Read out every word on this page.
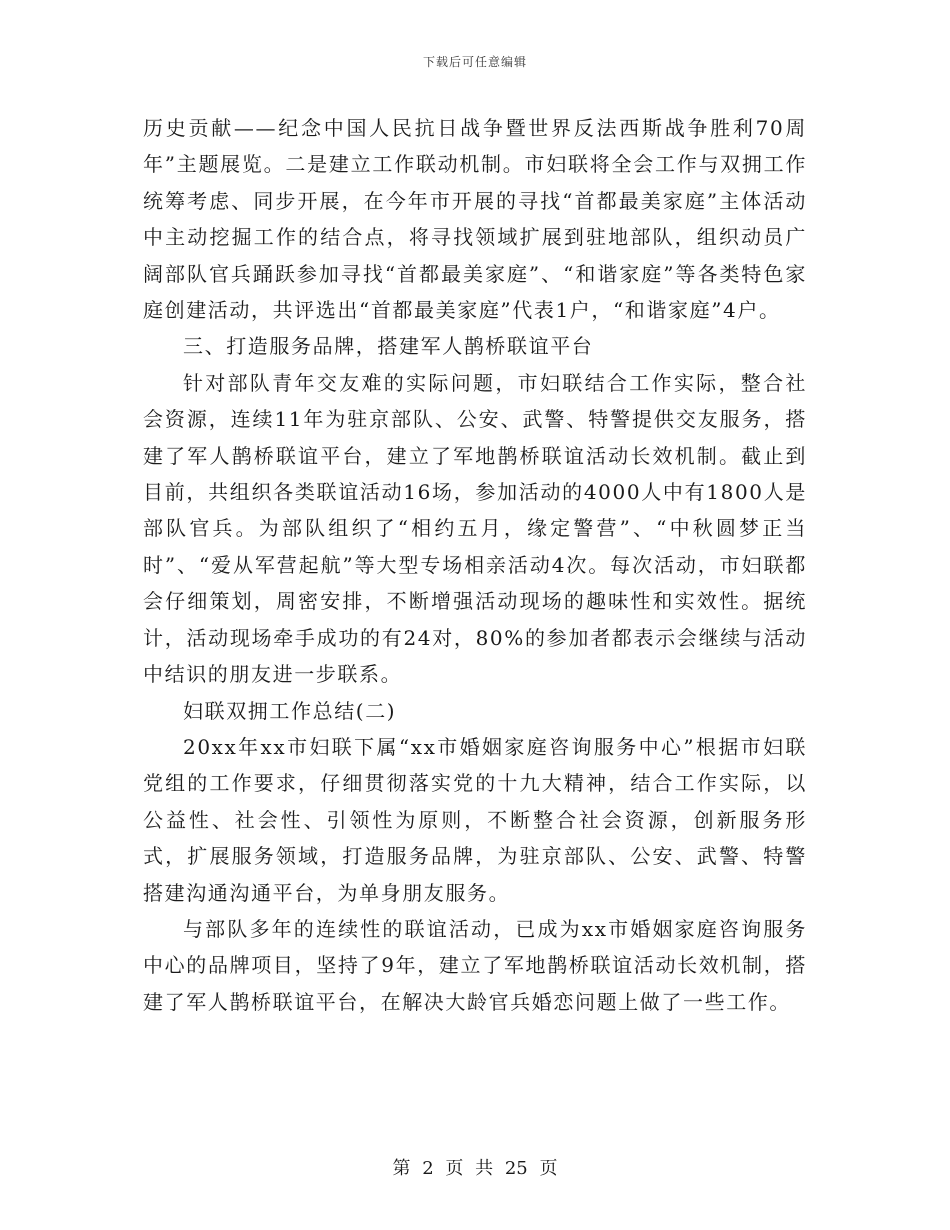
下载后可任意编辑

历史贡献——纪念中国人民抗日战争暨世界反法西斯战争胜利70周年”主题展览。二是建立工作联动机制。市妇联将全会工作与双拥工作统筹考虑、同步开展，在今年市开展的寻找“首都最美家庭”主体活动中主动挖掘工作的结合点，将寻找领域扩展到驻地部队，组织动员广阔部队官兵踊跃参加寻找“首都最美家庭”、“和谐家庭”等各类特色家庭创建活动，共评选出“首都最美家庭”代表1户，“和谐家庭”4户。

三、打造服务品牌，搭建军人鹊桥联谊平台

针对部队青年交友难的实际问题，市妇联结合工作实际，整合社会资源，连续11年为驻京部队、公安、武警、特警提供交友服务，搭建了军人鹊桥联谊平台，建立了军地鹊桥联谊活动长效机制。截止到目前，共组织各类联谊活动16场，参加活动的4000人中有1800人是部队官兵。为部队组织了“相约五月，缘定警营”、“中秋圆梦正当时”、“爱从军营起航”等大型专场相亲活动4次。每次活动，市妇联都会仔细策划，周密安排，不断增强活动现场的趣味性和实效性。据统计，活动现场牵手成功的有24对，80%的参加者都表示会继续与活动中结识的朋友进一步联系。

妇联双拥工作总结(二)

20xx年xx市妇联下属“xx市婚姻家庭咨询服务中心”根据市妇联党组的工作要求，仔细贯彻落实党的十九大精神，结合工作实际，以公益性、社会性、引领性为原则，不断整合社会资源，创新服务形式，扩展服务领域，打造服务品牌，为驻京部队、公安、武警、特警搭建沟通沟通平台，为单身朋友服务。

与部队多年的连续性的联谊活动，已成为xx市婚姻家庭咨询服务中心的品牌项目，坚持了9年，建立了军地鹊桥联谊活动长效机制，搭建了军人鹊桥联谊平台，在解决大龄官兵婚恋问题上做了一些工作。

第 2 页 共 25 页
